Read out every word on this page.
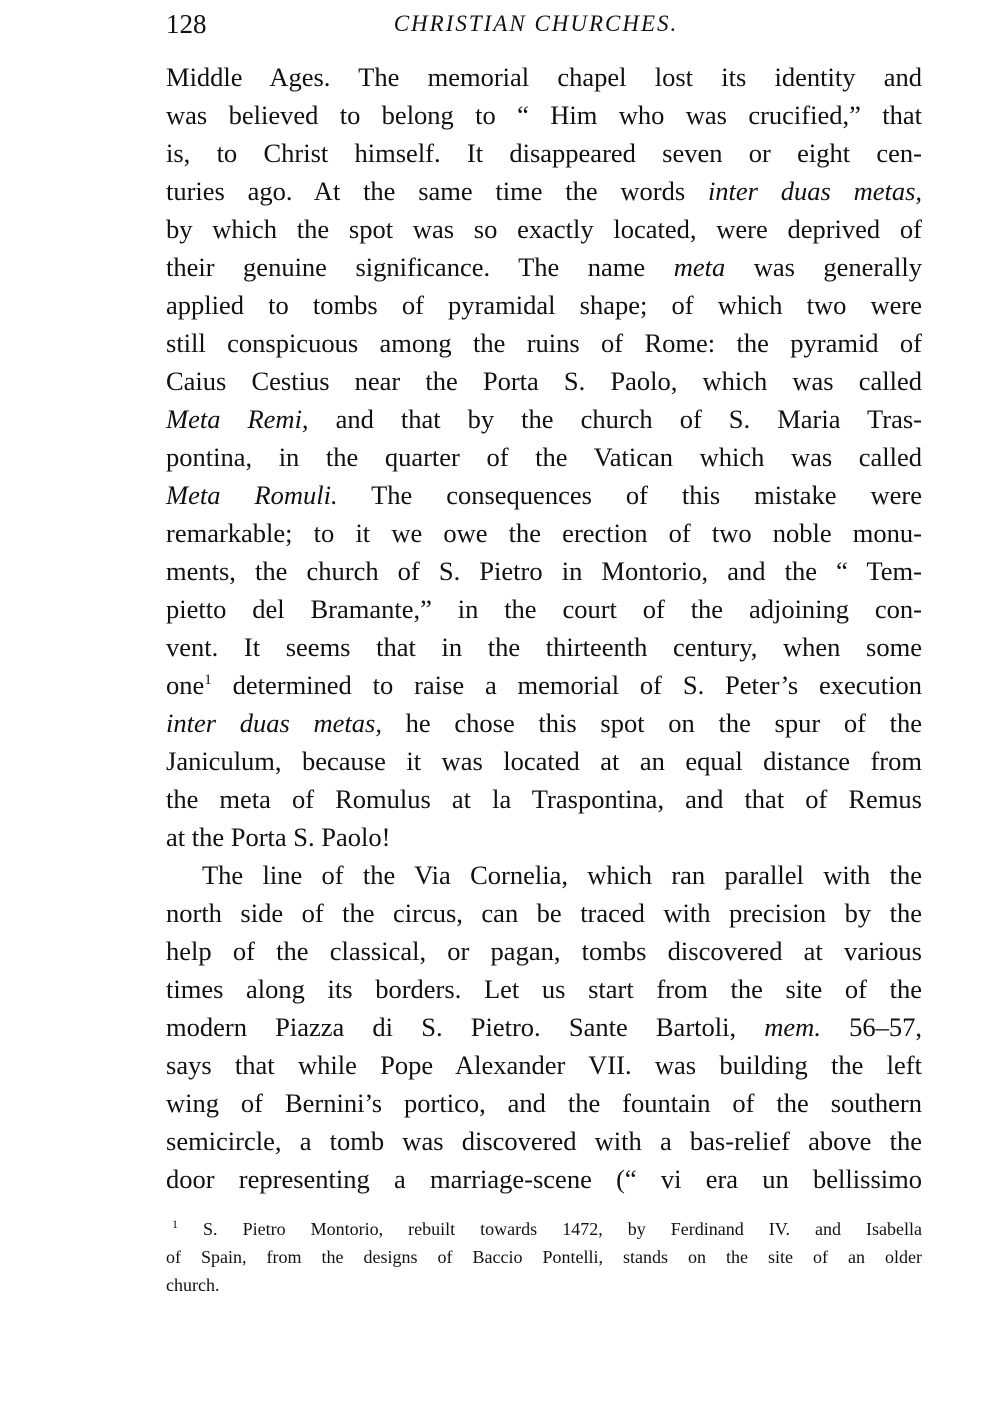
128	CHRISTIAN CHURCHES.
Middle Ages. The memorial chapel lost its identity and
was believed to belong to “ Him who was crucified,” that
is, to Christ himself. It disappeared seven or eight cen-
turies ago. At the same time the words inter duas metas,
by which the spot was so exactly located, were deprived of
their genuine significance. The name meta was generally
applied to tombs of pyramidal shape; of which two were
still conspicuous among the ruins of Rome: the pyramid of
Caius Cestius near the Porta S. Paolo, which was called
Meta Remi, and that by the church of S. Maria Tras-
pontina, in the quarter of the Vatican which was called
Meta Romuli. The consequences of this mistake were
remarkable; to it we owe the erection of two noble monu-
ments, the church of S. Pietro in Montorio, and the “ Tem-
pietto del Bramante,” in the court of the adjoining con-
vent. It seems that in the thirteenth century, when some
one$^1$ determined to raise a memorial of S. Peter’s execution
inter duas metas, he chose this spot on the spur of the
Janiculum, because it was located at an equal distance from
the meta of Romulus at la Traspontina, and that of Remus
at the Porta S. Paolo!
The line of the Via Cornelia, which ran parallel with the
north side of the circus, can be traced with precision by the
help of the classical, or pagan, tombs discovered at various
times along its borders. Let us start from the site of the
modern Piazza di S. Pietro. Sante Bartoli, mem. 56–57,
says that while Pope Alexander VII. was building the left
wing of Bernini’s portico, and the fountain of the southern
semicircle, a tomb was discovered with a bas-relief above the
door representing a marriage-scene (“ vi era un bellissimo
$^1$ S. Pietro Montorio, rebuilt towards 1472, by Ferdinand IV. and Isabella
of Spain, from the designs of Baccio Pontelli, stands on the site of an older
church.
